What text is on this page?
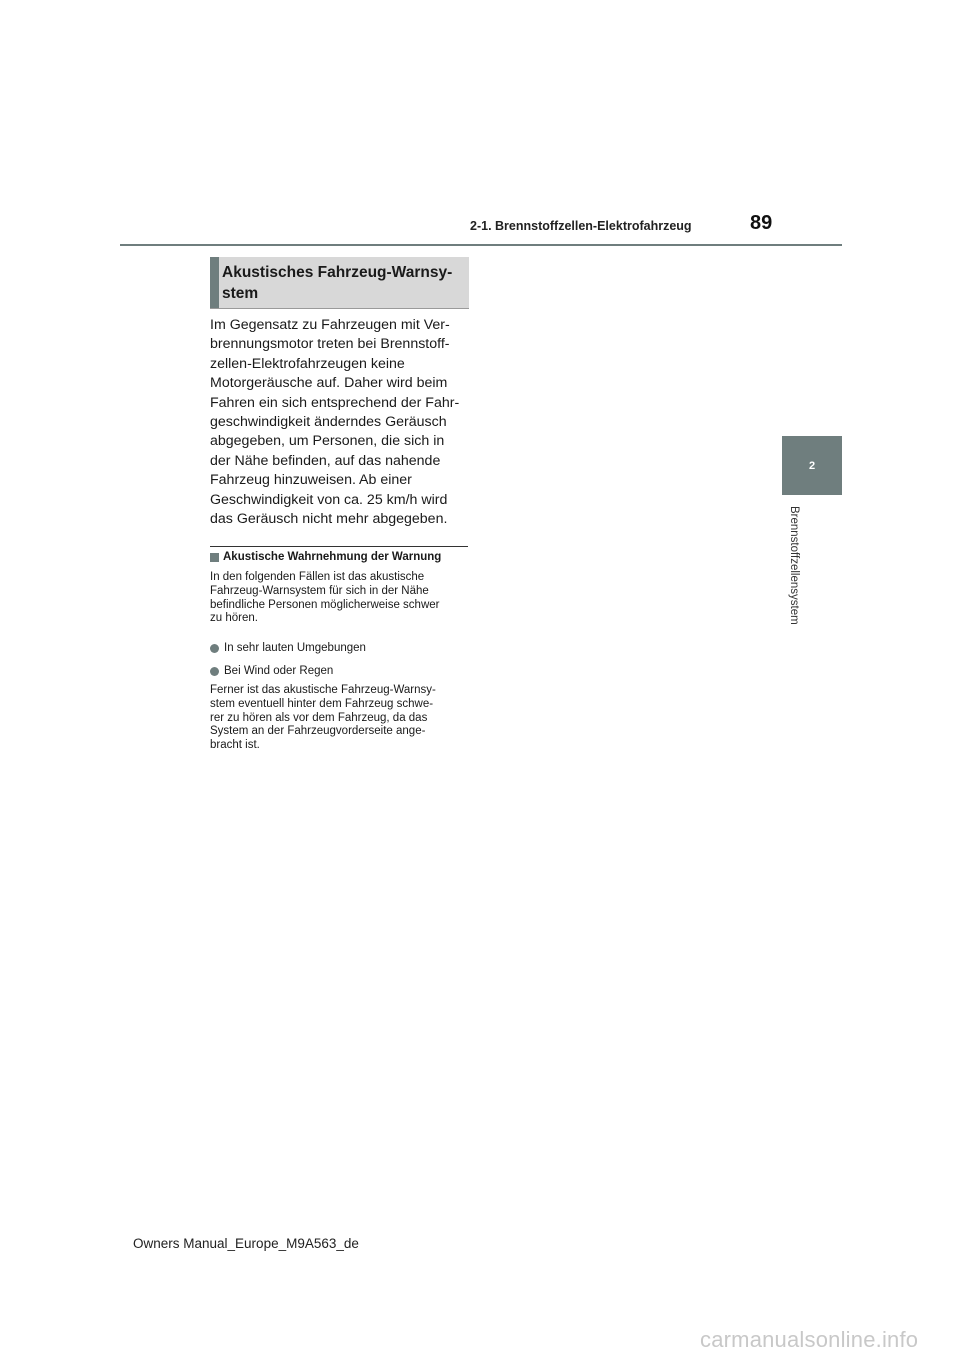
2-1. Brennstoffzellen-Elektrofahrzeug	89
2
Brennstoffzellensystem
Akustisches Fahrzeug-Warnsy-
stem
Im Gegensatz zu Fahrzeugen mit Ver-
brennungsmotor treten bei Brennstoff-
zellen-Elektrofahrzeugen keine
Motorgeräusche auf. Daher wird beim
Fahren ein sich entsprechend der Fahr-
geschwindigkeit änderndes Geräusch
abgegeben, um Personen, die sich in
der Nähe befinden, auf das nahende
Fahrzeug hinzuweisen. Ab einer
Geschwindigkeit von ca. 25 km/h wird
das Geräusch nicht mehr abgegeben.
Akustische Wahrnehmung der Warnung
In den folgenden Fällen ist das akustische
Fahrzeug-Warnsystem für sich in der Nähe
befindliche Personen möglicherweise schwer
zu hören.
In sehr lauten Umgebungen
Bei Wind oder Regen
Ferner ist das akustische Fahrzeug-Warnsy-
stem eventuell hinter dem Fahrzeug schwe-
rer zu hören als vor dem Fahrzeug, da das
System an der Fahrzeugvorderseite ange-
bracht ist.
Owners Manual_Europe_M9A563_de
carmanualsonline.info
